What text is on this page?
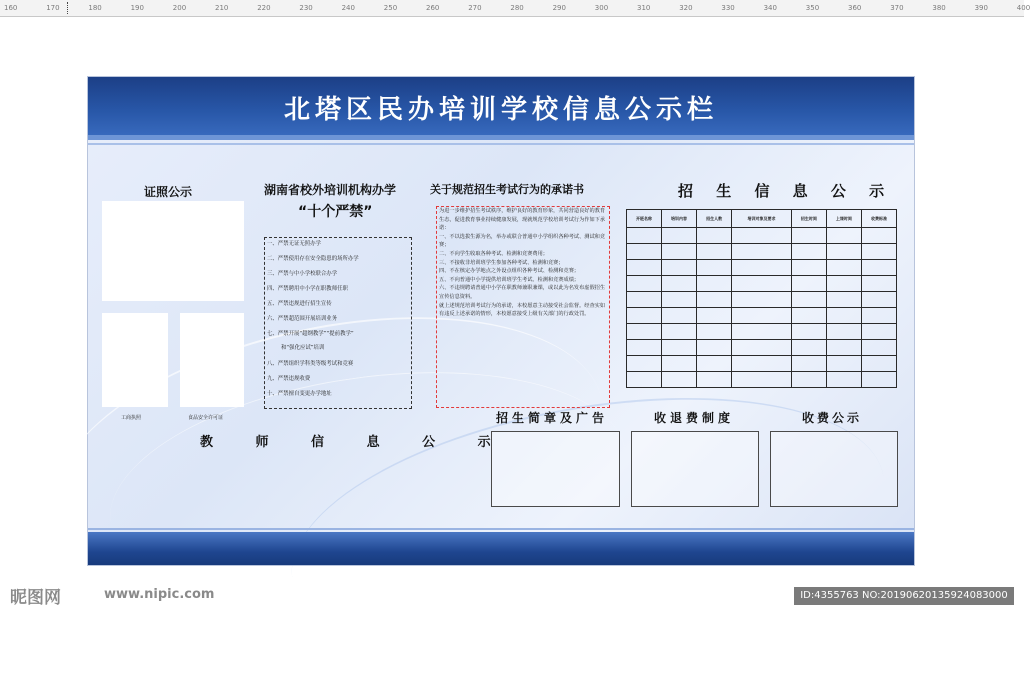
160	170	180	190	200	210	220	230	240	250	260	270	280	290	300	310	320	330	340	350	360	370	380	390	400
北塔区民办培训学校信息公示栏
证照公示
工商执照	食品安全许可证
湖南省校外培训机构办学
“十个严禁”
一、严禁无证无照办学
二、严禁使用存在安全隐患的场所办学
三、严禁与中小学校联合办学
四、严禁聘用中小学在职教师任职
五、严禁违规进行招生宣传
六、严禁超范围开展培训业务
七、严禁开展“超纲教学”“提前教学”
和“强化应试”培训
八、严禁组织学科类等级考试和竞赛
九、严禁违规收费
十、严禁擅自变更办学地址
关于规范招生考试行为的承诺书

为进一步维护招生考试秩序，维护良好的教育形象，共同营造良好的教育生态，促进教育事业持续健康发展，现就规范学校培训考试行为作如下承诺：

一、不以选拔生源为名，举办或联合普通中小学组织各种考试、测试和竞赛；

二、不向学生收取各种考试、检测和竞赛费用；

三、不接收非培训班学生参加各种考试、检测和竞赛；

四、不在核定办学地点之外设点组织各种考试、检测和竞赛；

五、不向普通中小学提供培训班学生考试、检测和竞赛成绩；

六、不违规聘请普通中小学在职教师兼职兼课，或以此为名发布虚假招生宣传信息资料。

就上述规范培训考试行为的承诺，本校愿意主动接受社会监督。经查实如有违反上述承诺的情形，本校愿意接受上级有关部门的行政处罚。

招 生 信 息 公 示
开班名称	培训内容	招生人数	培训对象及要求	招生时间	上课时间	收费标准

教 师 信 息 公 示
招生简章及广告	收退费制度	收费公示
昵图网	www.nipic.com	ID:4355763 NO:20190620135924083000
